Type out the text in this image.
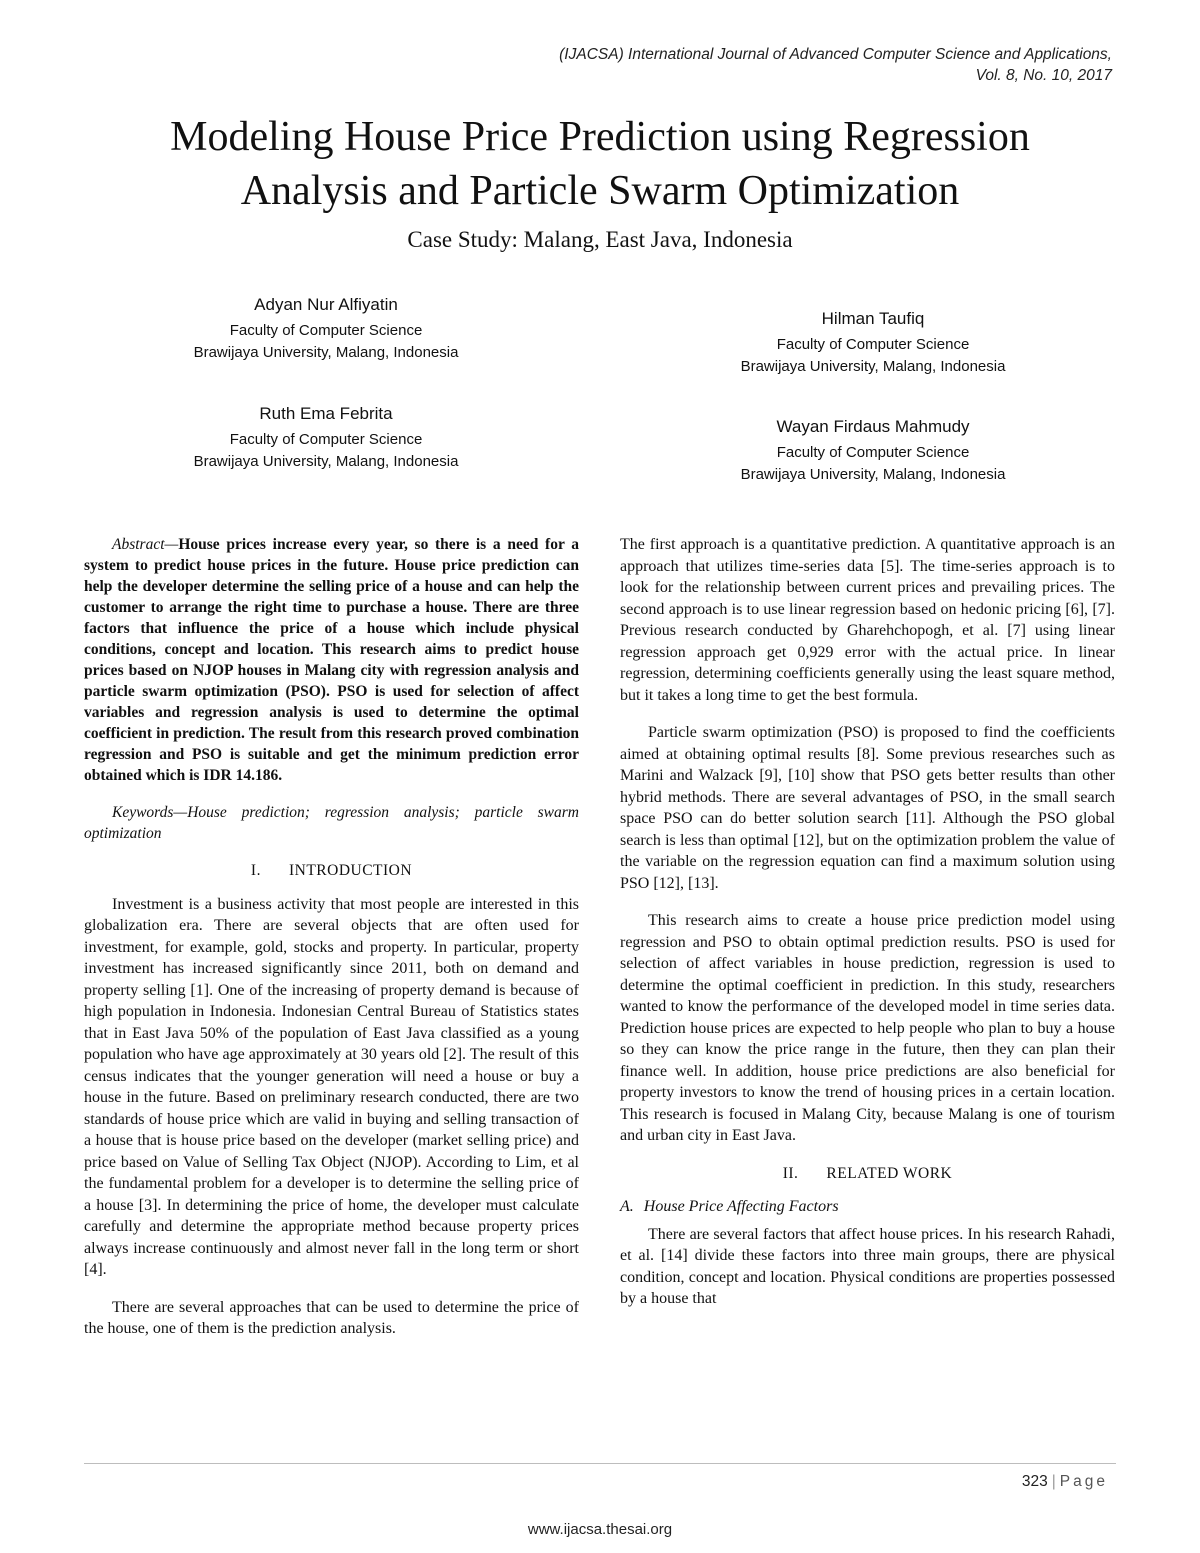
(IJACSA) International Journal of Advanced Computer Science and Applications,
Vol. 8, No. 10, 2017
Modeling House Price Prediction using Regression
Analysis and Particle Swarm Optimization
Case Study: Malang, East Java, Indonesia
Adyan Nur Alfiyatin
Faculty of Computer Science
Brawijaya University, Malang, Indonesia
Ruth Ema Febrita
Faculty of Computer Science
Brawijaya University, Malang, Indonesia
Hilman Taufiq
Faculty of Computer Science
Brawijaya University, Malang, Indonesia
Wayan Firdaus Mahmudy
Faculty of Computer Science
Brawijaya University, Malang, Indonesia

Abstract—House prices increase every year, so there is a need for a system to predict house prices in the future. House price prediction can help the developer determine the selling price of a house and can help the customer to arrange the right time to purchase a house. There are three factors that influence the price of a house which include physical conditions, concept and location. This research aims to predict house prices based on NJOP houses in Malang city with regression analysis and particle swarm optimization (PSO). PSO is used for selection of affect variables and regression analysis is used to determine the optimal coefficient in prediction. The result from this research proved combination regression and PSO is suitable and get the minimum prediction error obtained which is IDR 14.186.

Keywords—House prediction; regression analysis; particle swarm optimization

I. INTRODUCTION

Investment is a business activity that most people are interested in this globalization era. There are several objects that are often used for investment, for example, gold, stocks and property. In particular, property investment has increased significantly since 2011, both on demand and property selling [1]. One of the increasing of property demand is because of high population in Indonesia. Indonesian Central Bureau of Statistics states that in East Java 50% of the population of East Java classified as a young population who have age approximately at 30 years old [2]. The result of this census indicates that the younger generation will need a house or buy a house in the future. Based on preliminary research conducted, there are two standards of house price which are valid in buying and selling transaction of a house that is house price based on the developer (market selling price) and price based on Value of Selling Tax Object (NJOP). According to Lim, et al the fundamental problem for a developer is to determine the selling price of a house [3]. In determining the price of home, the developer must calculate carefully and determine the appropriate method because property prices always increase continuously and almost never fall in the long term or short [4].

There are several approaches that can be used to determine the price of the house, one of them is the prediction analysis.

The first approach is a quantitative prediction. A quantitative approach is an approach that utilizes time-series data [5]. The time-series approach is to look for the relationship between current prices and prevailing prices. The second approach is to use linear regression based on hedonic pricing [6], [7]. Previous research conducted by Gharehchopogh, et al. [7] using linear regression approach get 0,929 error with the actual price. In linear regression, determining coefficients generally using the least square method, but it takes a long time to get the best formula.

Particle swarm optimization (PSO) is proposed to find the coefficients aimed at obtaining optimal results [8]. Some previous researches such as Marini and Walzack [9], [10] show that PSO gets better results than other hybrid methods. There are several advantages of PSO, in the small search space PSO can do better solution search [11]. Although the PSO global search is less than optimal [12], but on the optimization problem the value of the variable on the regression equation can find a maximum solution using PSO [12], [13].

This research aims to create a house price prediction model using regression and PSO to obtain optimal prediction results. PSO is used for selection of affect variables in house prediction, regression is used to determine the optimal coefficient in prediction. In this study, researchers wanted to know the performance of the developed model in time series data. Prediction house prices are expected to help people who plan to buy a house so they can know the price range in the future, then they can plan their finance well. In addition, house price predictions are also beneficial for property investors to know the trend of housing prices in a certain location. This research is focused in Malang City, because Malang is one of tourism and urban city in East Java.

II. RELATED WORK

A. House Price Affecting Factors

There are several factors that affect house prices. In his research Rahadi, et al. [14] divide these factors into three main groups, there are physical condition, concept and location. Physical conditions are properties possessed by a house that

323 | Page
www.ijacsa.thesai.org
